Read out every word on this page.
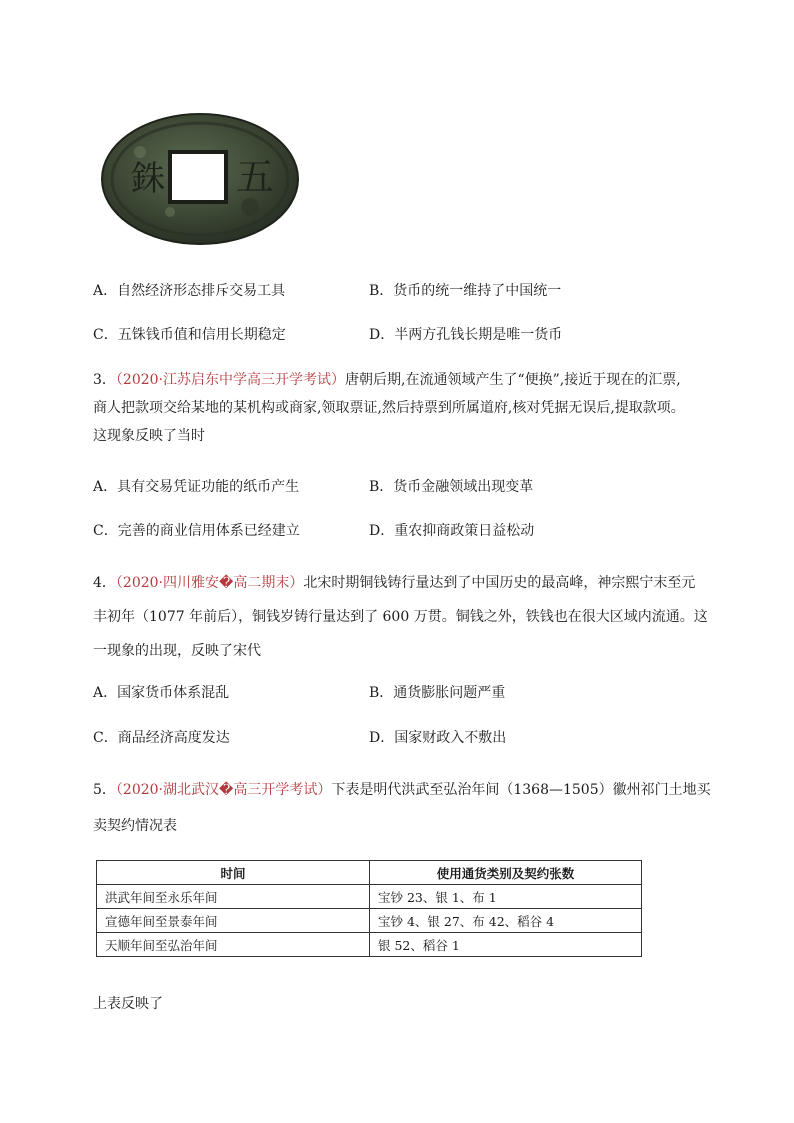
銖 五
A．自然经济形态排斥交易工具	B．货币的统一维持了中国统一
C．五铢钱币值和信用长期稳定	D．半两方孔钱长期是唯一货币
3．（2020·江苏启东中学高三开学考试）唐朝后期,在流通领域产生了“便换”,接近于现在的汇票,
商人把款项交给某地的某机构或商家,领取票证,然后持票到所属道府,核对凭据无误后,提取款项。
这现象反映了当时
A．具有交易凭证功能的纸币产生	B．货币金融领域出现变革
C．完善的商业信用体系已经建立	D．重农抑商政策日益松动
4．（2020·四川雅安�高二期末）北宋时期铜钱铸行量达到了中国历史的最高峰，神宗熙宁末至元
丰初年（1077 年前后），铜钱岁铸行量达到了 600 万贯。铜钱之外，铁钱也在很大区域内流通。这
一现象的出现，反映了宋代
A．国家货币体系混乱	B．通货膨胀问题严重
C．商品经济高度发达	D．国家财政入不敷出
5．（2020·湖北武汉�高三开学考试）下表是明代洪武至弘治年间（1368—1505）徽州祁门土地买
卖契约情况表
时间	使用通货类别及契约张数
洪武年间至永乐年间	宝钞 23、银 1、布 1
宣德年间至景泰年间	宝钞 4、银 27、布 42、稻谷 4
天顺年间至弘治年间	银 52、稻谷 1
上表反映了
